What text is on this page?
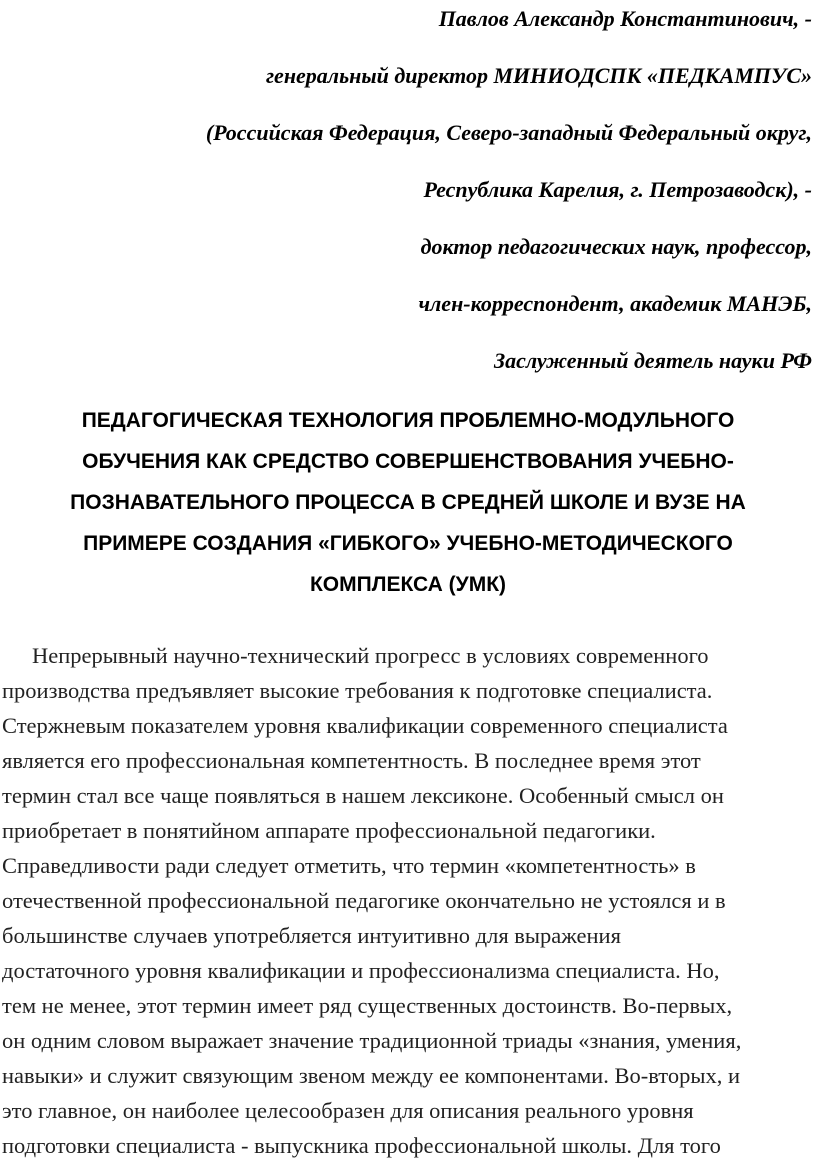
Павлов Александр Константинович, -
генеральный директор МИНИОДСПК «ПЕДКАМПУС»
(Российская Федерация, Северо-западный Федеральный округ,
Республика Карелия, г. Петрозаводск), -
доктор педагогических наук, профессор,
член-корреспондент, академик МАНЭБ,
Заслуженный деятель науки РФ
ПЕДАГОГИЧЕСКАЯ ТЕХНОЛОГИЯ ПРОБЛЕМНО-МОДУЛЬНОГО
ОБУЧЕНИЯ КАК СРЕДСТВО СОВЕРШЕНСТВОВАНИЯ УЧЕБНО-
ПОЗНАВАТЕЛЬНОГО ПРОЦЕССА В СРЕДНЕЙ ШКОЛЕ И ВУЗЕ НА
ПРИМЕРЕ СОЗДАНИЯ «ГИБКОГО» УЧЕБНО-МЕТОДИЧЕСКОГО
КОМПЛЕКСА (УМК)
Непрерывный научно-технический прогресс в условиях современного
производства предъявляет высокие требования к подготовке специалиста.
Стержневым показателем уровня квалификации современного специалиста
является его профессиональная компетентность. В последнее время этот
термин стал все чаще появляться в нашем лексиконе. Особенный смысл он
приобретает в понятийном аппарате профессиональной педагогики.
Справедливости ради следует отметить, что термин «компетентность» в
отечественной профессиональной педагогике окончательно не устоялся и в
большинстве случаев употребляется интуитивно для выражения
достаточного уровня квалификации и профессионализма специалиста. Но,
тем не менее, этот термин имеет ряд существенных достоинств. Во-первых,
он одним словом выражает значение традиционной триады «знания, умения,
навыки» и служит связующим звеном между ее компонентами. Во-вторых, и
это главное, он наиболее целесообразен для описания реального уровня
подготовки специалиста - выпускника профессиональной школы. Для того
